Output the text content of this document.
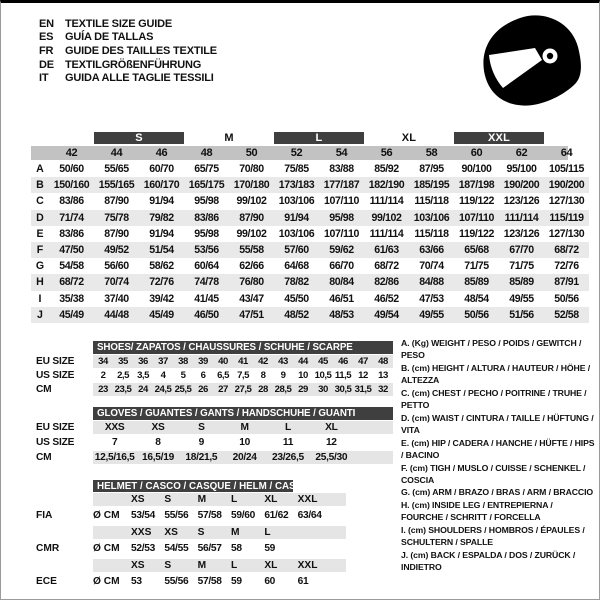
EN	TEXTILE SIZE GUIDE
ES	GUÍA DE TALLAS
FR	GUIDE DES TAILLES TEXTILE
DE	TEXTILGRÖßENFÜHRUNG
IT	GUIDA ALLE TAGLIE TESSILI
S	M	L	XL	XXL
42	44	46	48	50	52	54	56	58	60	62	64
A	50/60	55/65	60/70	65/75	70/80	75/85	83/88	85/92	87/95	90/100	95/100	105/115
B 150/160 155/165 160/170 165/175 170/180 173/183 177/187 182/190 185/195 187/198 190/200 190/200
C	83/86	87/90	91/94	95/98	99/102	103/106 107/110	111/114	115/118 119/122 123/126 127/130
D	71/74	75/78	79/82	83/86	87/90	91/94	95/98	99/102	103/106 107/110	111/114	115/119
E	83/86	87/90	91/94	95/98	99/102	103/106 107/110	111/114	115/118 119/122 123/126 127/130
F	47/50	49/52	51/54	53/56	55/58	57/60	59/62	61/63	63/66	65/68	67/70	68/72
G	54/58	56/60	58/62	60/64	62/66	64/68	66/70	68/72	70/74	71/75	71/75	72/76
H	68/72	70/74	72/76	74/78	76/80	78/82	80/84	82/86	84/88	85/89	85/89	87/91
I	35/38	37/40	39/42	41/45	43/47	45/50	46/51	46/52	47/53	48/54	49/55	50/56
J	45/49	44/48	45/49	46/50	47/51	48/52	48/53	49/54	49/55	50/56	51/56	52/58
SHOES/ ZAPATOS / CHAUSSURES / SCHUHE / SCARPE
EU SIZE	34	35	36	37	38	39	40	41	42	43	44	45	46	47	48
US SIZE	2	2,5 3,5	4	5	6	6,5 7,5	8	9	10 10,5 11,5 12	13
CM	23 23,5 24 24,5 25,5 26	27 27,5 28 28,5 29	30 30,5 31,5 32
GLOVES / GUANTES / GANTS / HANDSCHUHE / GUANTI
EU SIZE	XXS	XS	S	M	L	XL
US SIZE	7	8	9	10	11	12
CM	12,5/16,5 16,5/19	18/21,5	20/24	23/26,5	25,5/30
HELMET / CASCO / CASQUE / HELM / CASCO
XS	S	M	L	XL	XXL
FIA	Ø CM	53/54 55/56 57/58 59/60 61/62 63/64
XXS	XS	S	M	L
CMR	Ø CM	52/53 54/55 56/57 58	59
XS	S	M	L	XL	XXL
ECE	Ø CM	53	55/56 57/58 59	60	61
A. (Kg) WEIGHT / PESO / POIDS / GEWITCH / PESO
B. (cm) HEIGHT / ALTURA / HAUTEUR / HÖHE / ALTEZZA
C. (cm) CHEST / PECHO / POITRINE / TRUHE / PETTO
D. (cm) WAIST / CINTURA / TAILLE / HÜFTUNG / VITA
E. (cm) HIP / CADERA / HANCHE / HÜFTE / HIPS / BACINO
F. (cm) TIGH / MUSLO / CUISSE / SCHENKEL / COSCIA
G. (cm) ARM / BRAZO / BRAS / ARM / BRACCIO
H. (cm) INSIDE LEG / ENTREPIERNA / FOURCHE / SCHRITT / FORCELLA
I. (cm) SHOULDERS / HOMBROS / ÉPAULES / SCHULTERN / SPALLE
J. (cm) BACK / ESPALDA / DOS / ZURÜCK / INDIETRO
